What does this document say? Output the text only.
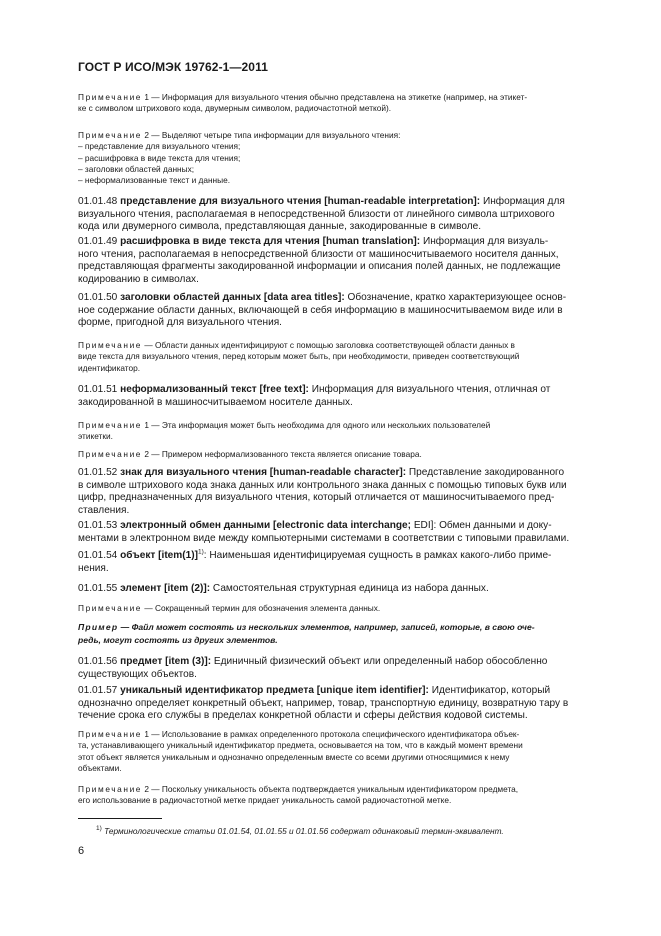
ГОСТ Р ИСО/МЭК 19762-1—2011
Примечание 1 — Информация для визуального чтения обычно представлена на этикетке (например, на этикет-
ке с символом штрихового кода, двумерным символом, радиочастотной меткой).
Примечание 2 — Выделяют четыре типа информации для визуального чтения:
– представление для визуального чтения;
– расшифровка в виде текста для чтения;
– заголовки областей данных;
– неформализованные текст и данные.
01.01.48 представление для визуального чтения [human-readable interpretation]: Информация для
визуального чтения, располагаемая в непосредственной близости от линейного символа штрихового
кода или двумерного символа, представляющая данные, закодированные в символе.
01.01.49 расшифровка в виде текста для чтения [human translation]: Информация для визуаль-
ного чтения, располагаемая в непосредственной близости от машиносчитываемого носителя данных,
представляющая фрагменты закодированной информации и описания полей данных, не подлежащие
кодированию в символах.
01.01.50 заголовки областей данных [data area titles]: Обозначение, кратко характеризующее основ-
ное содержание области данных, включающей в себя информацию в машиносчитываемом виде или в
форме, пригодной для визуального чтения.
Примечание — Области данных идентифицируют с помощью заголовка соответствующей области данных в
виде текста для визуального чтения, перед которым может быть, при необходимости, приведен соответствующий
идентификатор.
01.01.51 неформализованный текст [free text]: Информация для визуального чтения, отличная от
закодированной в машиносчитываемом носителе данных.
Примечание 1 — Эта информация может быть необходима для одного или нескольких пользователей
этикетки.
Примечание 2 — Примером неформализованного текста является описание товара.
01.01.52 знак для визуального чтения [human-readable character]: Представление закодированного
в символе штрихового кода знака данных или контрольного знака данных с помощью типовых букв или
цифр, предназначенных для визуального чтения, который отличается от машиносчитываемого пред-
ставления.
01.01.53 электронный обмен данными [electronic data interchange; EDI]: Обмен данными и доку-
ментами в электронном виде между компьютерными системами в соответствии с типовыми правилами.
01.01.54 объект [item(1)]$^{1)}$: Наименьшая идентифицируемая сущность в рамках какого-либо приме-
нения.
01.01.55 элемент [item (2)]: Самостоятельная структурная единица из набора данных.
Примечание — Сокращенный термин для обозначения элемента данных.
Пример — Файл может состоять из нескольких элементов, например, записей, которые, в свою оче-
редь, могут состоять из других элементов.
01.01.56 предмет [item (3)]: Единичный физический объект или определенный набор обособленно
существующих объектов.
01.01.57 уникальный идентификатор предмета [unique item identifier]: Идентификатор, который
однозначно определяет конкретный объект, например, товар, транспортную единицу, возвратную тару в
течение срока его службы в пределах конкретной области и сферы действия кодовой системы.
Примечание 1 — Использование в рамках определенного протокола специфического идентификатора объек-
та, устанавливающего уникальный идентификатор предмета, основывается на том, что в каждый момент времени
этот объект является уникальным и однозначно определенным вместе со всеми другими относящимися к нему
объектами.
Примечание 2 — Поскольку уникальность объекта подтверждается уникальным идентификатором предмета,
его использование в радиочастотной метке придает уникальность самой радиочастотной метке.
$^{1)}$ Терминологические статьи 01.01.54, 01.01.55 и 01.01.56 содержат одинаковый термин-эквивалент.
6
